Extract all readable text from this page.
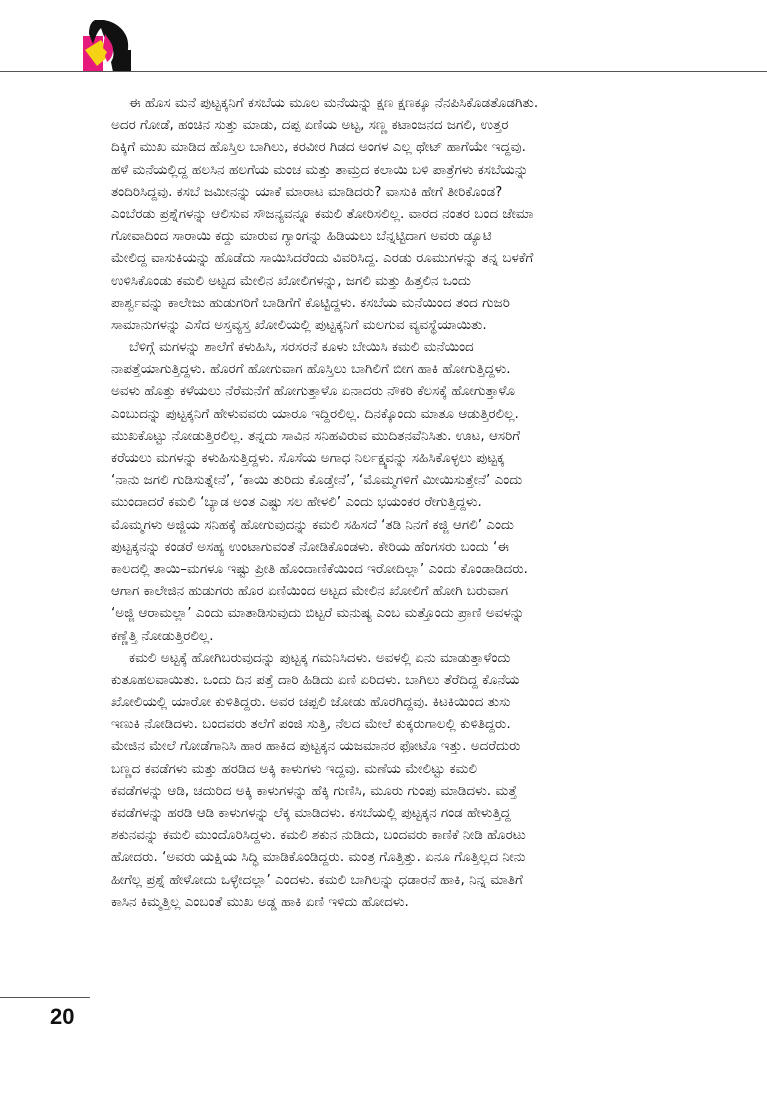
ಈ ಹೊಸ ಮನೆ ಪುಟ್ಟಕ್ಕನಿಗೆ ಕಸಬೆಯ ಮೂಲ ಮನೆಯನ್ನು ಕ್ಷಣ ಕ್ಷಣಕ್ಕೂ ನೆನಪಿಸಿಕೊಡತೊಡಗಿತು.
ಅದರ ಗೋಡೆ, ಹಂಚಿನ ಸುತ್ತು ಮಾಡು, ದಪ್ಪ ಏಣಿಯ ಅಟ್ಟ, ಸಣ್ಣ ಕಟಾಂಜನದ ಜಗಲಿ, ಉತ್ತರ
ದಿಕ್ಕಿಗೆ ಮುಖ ಮಾಡಿದ ಹೊಸ್ತಿಲ ಬಾಗಿಲು, ಕರವೀರ ಗಿಡದ ಅಂಗಳ ಎಲ್ಲ ಥೇಟ್ ಹಾಗೆಯೇ ಇದ್ದವು.
ಹಳೆ ಮನೆಯಲ್ಲಿದ್ದ ಹಲಸಿನ ಹಲಗೆಯ ಮಂಚ ಮತ್ತು ತಾಮ್ರದ ಕಲಾಯಿ ಬಳಿ ಪಾತ್ರೆಗಳು ಕಸಬೆಯನ್ನು
ತಂದಿರಿಸಿದ್ದವು. ಕಸಬೆ ಜಮೀನನ್ನು ಯಾಕೆ ಮಾರಾಟ ಮಾಡಿದರು? ವಾಸುಕಿ ಹೇಗೆ ತೀರಿಕೊಂಡ?
ಎಂಬೆರಡು ಪ್ರಶ್ನೆಗಳನ್ನು ಆಲಿಸುವ ಸೌಜನ್ಯವನ್ನೂ ಕಮಲಿ ತೋರಿಸಲಿಲ್ಲ. ವಾರದ ನಂತರ ಬಂದ ಜೇಮಾ
ಗೋವಾದಿಂದ ಸಾರಾಯಿ ಕದ್ದು ಮಾರುವ ಗ್ಯಾಂಗನ್ನು ಹಿಡಿಯಲು ಬೆನ್ನಟ್ಟಿದಾಗ ಅವರು ಡ್ಯೂಟಿ
ಮೇಲಿದ್ದ ವಾಸುಕಿಯನ್ನು ಹೊಡೆದು ಸಾಯಿಸಿದರೆಂದು ವಿವರಿಸಿದ್ದ. ಎರಡು ರೂಮುಗಳನ್ನು ತನ್ನ ಬಳಕೆಗೆ
ಉಳಿಸಿಕೊಂಡು ಕಮಲಿ ಅಟ್ಟದ ಮೇಲಿನ ಖೋಲಿಗಳನ್ನು, ಜಗಲಿ ಮತ್ತು ಹಿತ್ತಲಿನ ಒಂದು
ಪಾರ್ಶ್ವವನ್ನು ಕಾಲೇಜು ಹುಡುಗರಿಗೆ ಬಾಡಿಗೆಗೆ ಕೊಟ್ಟಿದ್ದಳು. ಕಸಬೆಯ ಮನೆಯಿಂದ ತಂದ ಗುಜರಿ
ಸಾಮಾನುಗಳನ್ನು ಎಸೆದ ಅಸ್ತವ್ಯಸ್ತ ಖೋಲಿಯಲ್ಲಿ ಪುಟ್ಟಕ್ಕನಿಗೆ ಮಲಗುವ ವ್ಯವಸ್ಥೆಯಾಯಿತು.
ಬೆಳಿಗ್ಗೆ ಮಗಳನ್ನು ಶಾಲೆಗೆ ಕಳುಹಿಸಿ, ಸರಸರನೆ ಕೂಳು ಬೇಯಿಸಿ ಕಮಲಿ ಮನೆಯಿಂದ
ನಾಪತ್ತೆಯಾಗುತ್ತಿದ್ದಳು. ಹೊರಗೆ ಹೋಗುವಾಗ ಹೊಸ್ತಿಲು ಬಾಗಿಲಿಗೆ ಬೀಗ ಹಾಕಿ ಹೋಗುತ್ತಿದ್ದಳು.
ಅವಳು ಹೊತ್ತು ಕಳೆಯಲು ನೆರೆಮನೆಗೆ ಹೋಗುತ್ತಾಳೊ ಏನಾದರು ನೌಕರಿ ಕೆಲಸಕ್ಕೆ ಹೋಗುತ್ತಾಳೊ
ಎಂಬುದನ್ನು ಪುಟ್ಟಕ್ಕನಿಗೆ ಹೇಳುವವರು ಯಾರೂ ಇದ್ದಿರಲಿಲ್ಲ. ದಿನಕ್ಕೊಂದು ಮಾತೂ ಆಡುತ್ತಿರಲಿಲ್ಲ.
ಮುಖಕೊಟ್ಟು ನೋಡುತ್ತಿರಲಿಲ್ಲ. ತನ್ನದು ಸಾವಿನ ಸನಿಹವಿರುವ ಮುದಿತನವೆನಿಸಿತು. ಊಟ, ಆಸರಿಗೆ
ಕರೆಯಲು ಮಗಳನ್ನು ಕಳುಹಿಸುತ್ತಿದ್ದಳು. ಸೊಸೆಯ ಅಗಾಧ ನಿರ್ಲಕ್ಷ್ಯವನ್ನು ಸಹಿಸಿಕೊಳ್ಳಲು ಪುಟ್ಟಕ್ಕ
‘ನಾನು ಜಗಲಿ ಗುಡಿಸುತ್ನೇನೆ’, ‘ಕಾಯಿ ತುರಿದು ಕೊಡ್ತೇನೆ’, ‘ಮೊಮ್ಮಗಳಿಗೆ ಮೀಯಿಸುತ್ತೇನೆ’ ಎಂದು
ಮುಂದಾದರೆ ಕಮಲಿ ‘ಬ್ಯಾಡ ಅಂತ ಎಷ್ಟು ಸಲ ಹೇಳಲಿ’ ಎಂದು ಭಯಂಕರ ರೇಗುತ್ತಿದ್ದಳು.
ಮೊಮ್ಮಗಳು ಅಜ್ಜಿಯ ಸನಿಹಕ್ಕೆ ಹೋಗುವುದನ್ನು ಕಮಲಿ ಸಹಿಸದೆ ‘ತಡಿ ನಿನಗೆ ಕಜ್ಜಿ ಆಗಲಿ’ ಎಂದು
ಪುಟ್ಟಕ್ಕನನ್ನು ಕಂಡರೆ ಅಸಹ್ಯ ಉಂಟಾಗುವಂತೆ ನೋಡಿಕೊಂಡಳು. ಕೇರಿಯ ಹೆಂಗಸರು ಬಂದು ‘ಈ
ಕಾಲದಲ್ಲಿ ತಾಯಿ–ಮಗಳೂ ಇಷ್ಟು ಪ್ರೀತಿ ಹೊಂದಾಣಿಕೆಯಿಂದ ಇರೋದಿಲ್ಲಾ’ ಎಂದು ಕೊಂಡಾಡಿದರು.
ಆಗಾಗ ಕಾಲೇಜಿನ ಹುಡುಗರು ಹೊರ ಏಣಿಯಿಂದ ಅಟ್ಟದ ಮೇಲಿನ ಖೋಲಿಗೆ ಹೋಗಿ ಬರುವಾಗ
‘ಅಜ್ಜಿ ಆರಾಮಲ್ಲಾ’ ಎಂದು ಮಾತಾಡಿಸುವುದು ಬಿಟ್ಟರೆ ಮನುಷ್ಯ ಎಂಬ ಮತ್ತೊಂದು ಪ್ರಾಣಿ ಅವಳನ್ನು
ಕಣ್ಣೆತ್ತಿ ನೋಡುತ್ತಿರಲಿಲ್ಲ.
ಕಮಲಿ ಅಟ್ಟಕ್ಕೆ ಹೋಗಿಬರುವುದನ್ನು ಪುಟ್ಟಕ್ಕ ಗಮನಿಸಿದಳು. ಅವಳಲ್ಲಿ ಏನು ಮಾಡುತ್ತಾಳೆಂದು
ಕುತೂಹಲವಾಯಿತು. ಒಂದು ದಿನ ಪತ್ತೆ ದಾರಿ ಹಿಡಿದು ಏಣಿ ಏರಿದಳು. ಬಾಗಿಲು ತೆರೆದಿದ್ದ ಕೊನೆಯ
ಖೋಲಿಯಲ್ಲಿ ಯಾರೋ ಕುಳಿತಿದ್ದರು. ಅವರ ಚಪ್ಪಲಿ ಜೋಡು ಹೊರಗಿದ್ದವು. ಕಿಟಕಿಯಿಂದ ತುಸು
ಇಣುಕಿ ನೋಡಿದಳು. ಬಂದವರು ತಲೆಗೆ ಪಂಜಿ ಸುತ್ತಿ, ನೆಲದ ಮೇಲೆ ಕುಕ್ಕರುಗಾಲಲ್ಲಿ ಕುಳಿತಿದ್ದರು.
ಮೇಜಿನ ಮೇಲೆ ಗೋಡೆಗಾನಿಸಿ ಹಾರ ಹಾಕಿದ ಪುಟ್ಟಕ್ಕನ ಯಜಮಾನರ ಫೋಟೊ ಇತ್ತು. ಅದರೆದುರು
ಬಣ್ಣದ ಕವಡೆಗಳು ಮತ್ತು ಹರಡಿದ ಅಕ್ಕಿ ಕಾಳುಗಳು ಇದ್ದವು. ಮಣೆಯ ಮೇಲಿಟ್ಟು ಕಮಲಿ
ಕವಡೆಗಳನ್ನು ಆಡಿ, ಚದುರಿದ ಅಕ್ಕಿ ಕಾಳುಗಳನ್ನು ಹೆಕ್ಕಿ ಗುಣಿಸಿ, ಮೂರು ಗುಂಪು ಮಾಡಿದಳು. ಮತ್ತೆ
ಕವಡೆಗಳನ್ನು ಹರಡಿ ಆಡಿ ಕಾಳುಗಳನ್ನು ಲೆಕ್ಕ ಮಾಡಿದಳು. ಕಸಬೆಯಲ್ಲಿ ಪುಟ್ಟಕ್ಕನ ಗಂಡ ಹೇಳುತ್ತಿದ್ದ
ಶಕುನವನ್ನು ಕಮಲಿ ಮುಂದೊರಿಸಿದ್ದಳು. ಕಮಲಿ ಶಕುನ ನುಡಿದು, ಬಂದವರು ಕಾಣಿಕೆ ನೀಡಿ ಹೊರಟು
ಹೋದರು. ‘ಅವರು ಯಕ್ಷಿಯ ಸಿದ್ಧಿ ಮಾಡಿಕೊಂಡಿದ್ದರು. ಮಂತ್ರ ಗೊತ್ತಿತ್ತು. ಏನೂ ಗೊತ್ತಿಲ್ಲದ ನೀನು
ಹೀಗೆಲ್ಲ ಪ್ರಶ್ನೆ ಹೇಳೋದು ಒಳ್ಳೇದಲ್ಲಾ’ ಎಂದಳು. ಕಮಲಿ ಬಾಗಿಲನ್ನು ಧಡಾರನೆ ಹಾಕಿ, ನಿನ್ನ ಮಾತಿಗೆ
ಕಾಸಿನ ಕಿಮ್ಮತ್ತಿಲ್ಲ ಎಂಬಂತೆ ಮುಖ ಅಡ್ಡ ಹಾಕಿ ಏಣಿ ಇಳಿದು ಹೋದಳು.
20
